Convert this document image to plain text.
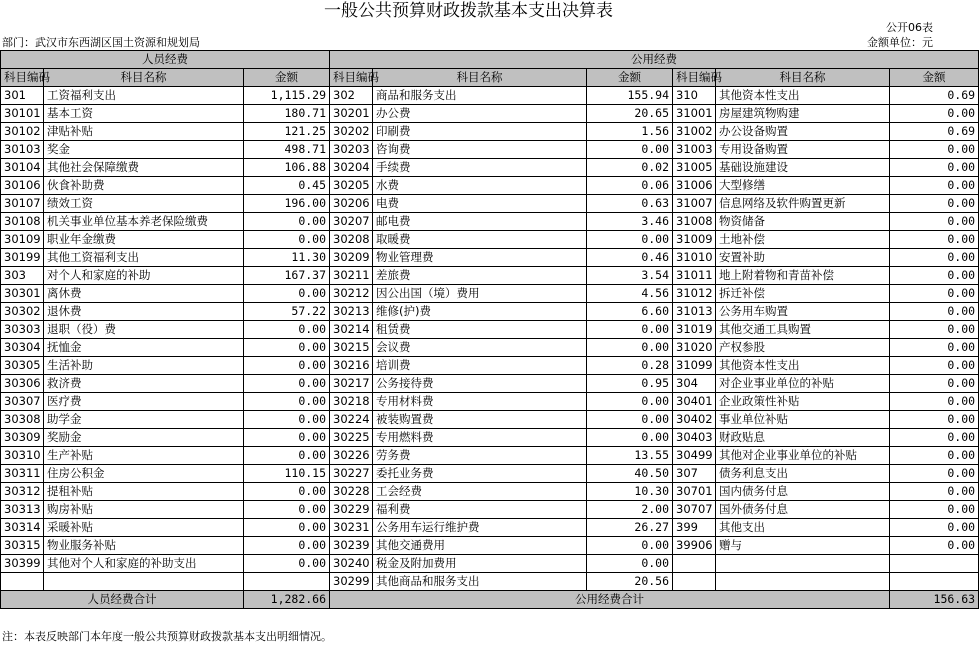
一般公共预算财政拨款基本支出决算表
公开06表
部门：武汉市东西湖区国土资源和规划局	金额单位：元
人员经费			公用经费					
科目编码	科目名称	金额	科目编码	科目名称	金额	科目编码	科目名称	金额
301	工资福利支出	1,115.29	302	商品和服务支出	155.94	310	其他资本性支出	0.69
30101	基本工资	180.71	30201	办公费	20.65	31001	房屋建筑物购建	0.00
30102	津贴补贴	121.25	30202	印刷费	1.56	31002	办公设备购置	0.69
30103	奖金	498.71	30203	咨询费	0.00	31003	专用设备购置	0.00
30104	其他社会保障缴费	106.88	30204	手续费	0.02	31005	基础设施建设	0.00
30106	伙食补助费	0.45	30205	水费	0.06	31006	大型修缮	0.00
30107	绩效工资	196.00	30206	电费	0.63	31007	信息网络及软件购置更新	0.00
30108	机关事业单位基本养老保险缴费	0.00	30207	邮电费	3.46	31008	物资储备	0.00
30109	职业年金缴费	0.00	30208	取暖费	0.00	31009	土地补偿	0.00
30199	其他工资福利支出	11.30	30209	物业管理费	0.46	31010	安置补助	0.00
303	对个人和家庭的补助	167.37	30211	差旅费	3.54	31011	地上附着物和青苗补偿	0.00
30301	离休费	0.00	30212	因公出国（境）费用	4.56	31012	拆迁补偿	0.00
30302	退休费	57.22	30213	维修(护)费	6.60	31013	公务用车购置	0.00
30303	退职（役）费	0.00	30214	租赁费	0.00	31019	其他交通工具购置	0.00
30304	抚恤金	0.00	30215	会议费	0.00	31020	产权参股	0.00
30305	生活补助	0.00	30216	培训费	0.28	31099	其他资本性支出	0.00
30306	救济费	0.00	30217	公务接待费	0.95	304	对企业事业单位的补贴	0.00
30307	医疗费	0.00	30218	专用材料费	0.00	30401	企业政策性补贴	0.00
30308	助学金	0.00	30224	被装购置费	0.00	30402	事业单位补贴	0.00
30309	奖励金	0.00	30225	专用燃料费	0.00	30403	财政贴息	0.00
30310	生产补贴	0.00	30226	劳务费	13.55	30499	其他对企业事业单位的补贴	0.00
30311	住房公积金	110.15	30227	委托业务费	40.50	307	债务利息支出	0.00
30312	提租补贴	0.00	30228	工会经费	10.30	30701	国内债务付息	0.00
30313	购房补贴	0.00	30229	福利费	2.00	30707	国外债务付息	0.00
30314	采暖补贴	0.00	30231	公务用车运行维护费	26.27	399	其他支出	0.00
30315	物业服务补贴	0.00	30239	其他交通费用	0.00	39906	赠与	0.00
30399	其他对个人和家庭的补助支出	0.00	30240	税金及附加费用	0.00			
			30299	其他商品和服务支出	20.56			
人员经费合计		1,282.66	公用经费合计					156.63
注：本表反映部门本年度一般公共预算财政拨款基本支出明细情况。
